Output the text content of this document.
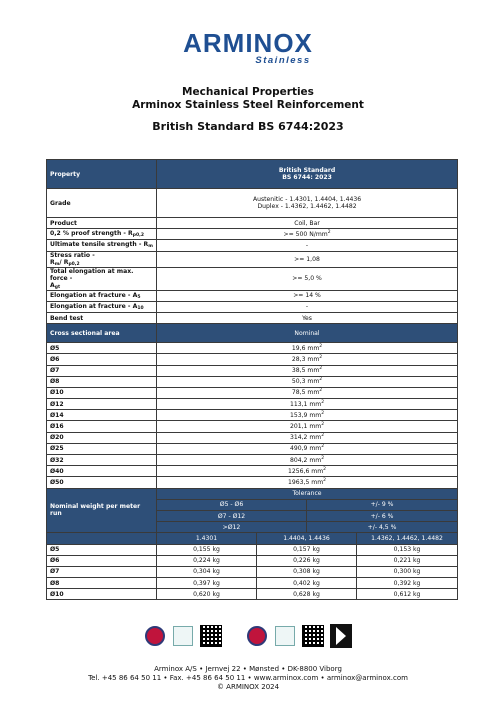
ARMINOX
Stainless
Mechanical Properties
Arminox Stainless Steel Reinforcement
British Standard BS 6744:2023
Property	British Standard
BS 6744: 2023			
Grade	Austenitic - 1.4301, 1.4404, 1.4436
Duplex - 1.4362, 1.4462, 1.4482			
Product	Coil, Bar			
0,2 % proof strength - $R_{p0,2}$	>= 500 $N/mm^2$
Ultimate tensile strength - $R_m$	-			
Stress ratio -
$R_m/$ $R_{p0,2}$	>= 1,08			
Total elongation at max. force -
$A_{gt}$	>= 5,0 %			
Elongation at fracture - $A_5$	>= 14 %			
Elongation at fracture - $A_{10}$	-			
Bend test	Yes			
Cross sectional area	Nominal			
Ø5	19,6 $mm^2$
Ø6	28,3 $mm^2$
Ø7	38,5 $mm^2$
Ø8	50,3 $mm^2$
Ø10	78,5 $mm^2$
Ø12	113,1 $mm^2$
Ø14	153,9 $mm^2$
Ø16	201,1 $mm^2$
Ø20	314,2 $mm^2$
Ø25	490,9 $mm^2$
Ø32	804,2 $mm^2$
Ø40	1256,6 $mm^2$
Ø50	1963,5 $mm^2$
Nominal weight per meter run	Tolerance			
	Ø5 - Ø6		+/- 9 %	
	Ø7 - Ø12		+/- 6 %	
	>Ø12		+/- 4,5 %	
	1.4301	1.4404, 1.4436		1.4362, 1.4462, 1.4482
Ø5	0,155 kg	0,157 kg		0,153 kg
Ø6	0,224 kg	0,226 kg		0,221 kg
Ø7	0,304 kg	0,308 kg		0,300 kg
Ø8	0,397 kg	0,402 kg		0,392 kg
Ø10	0,620 kg	0,628 kg		0,612 kg
Arminox A/S • Jernvej 22 • Mønsted • DK-8800 Viborg
Tel. +45 86 64 50 11 • Fax. +45 86 64 50 11 • www.arminox.com • arminox@arminox.com
© ARMINOX 2024
